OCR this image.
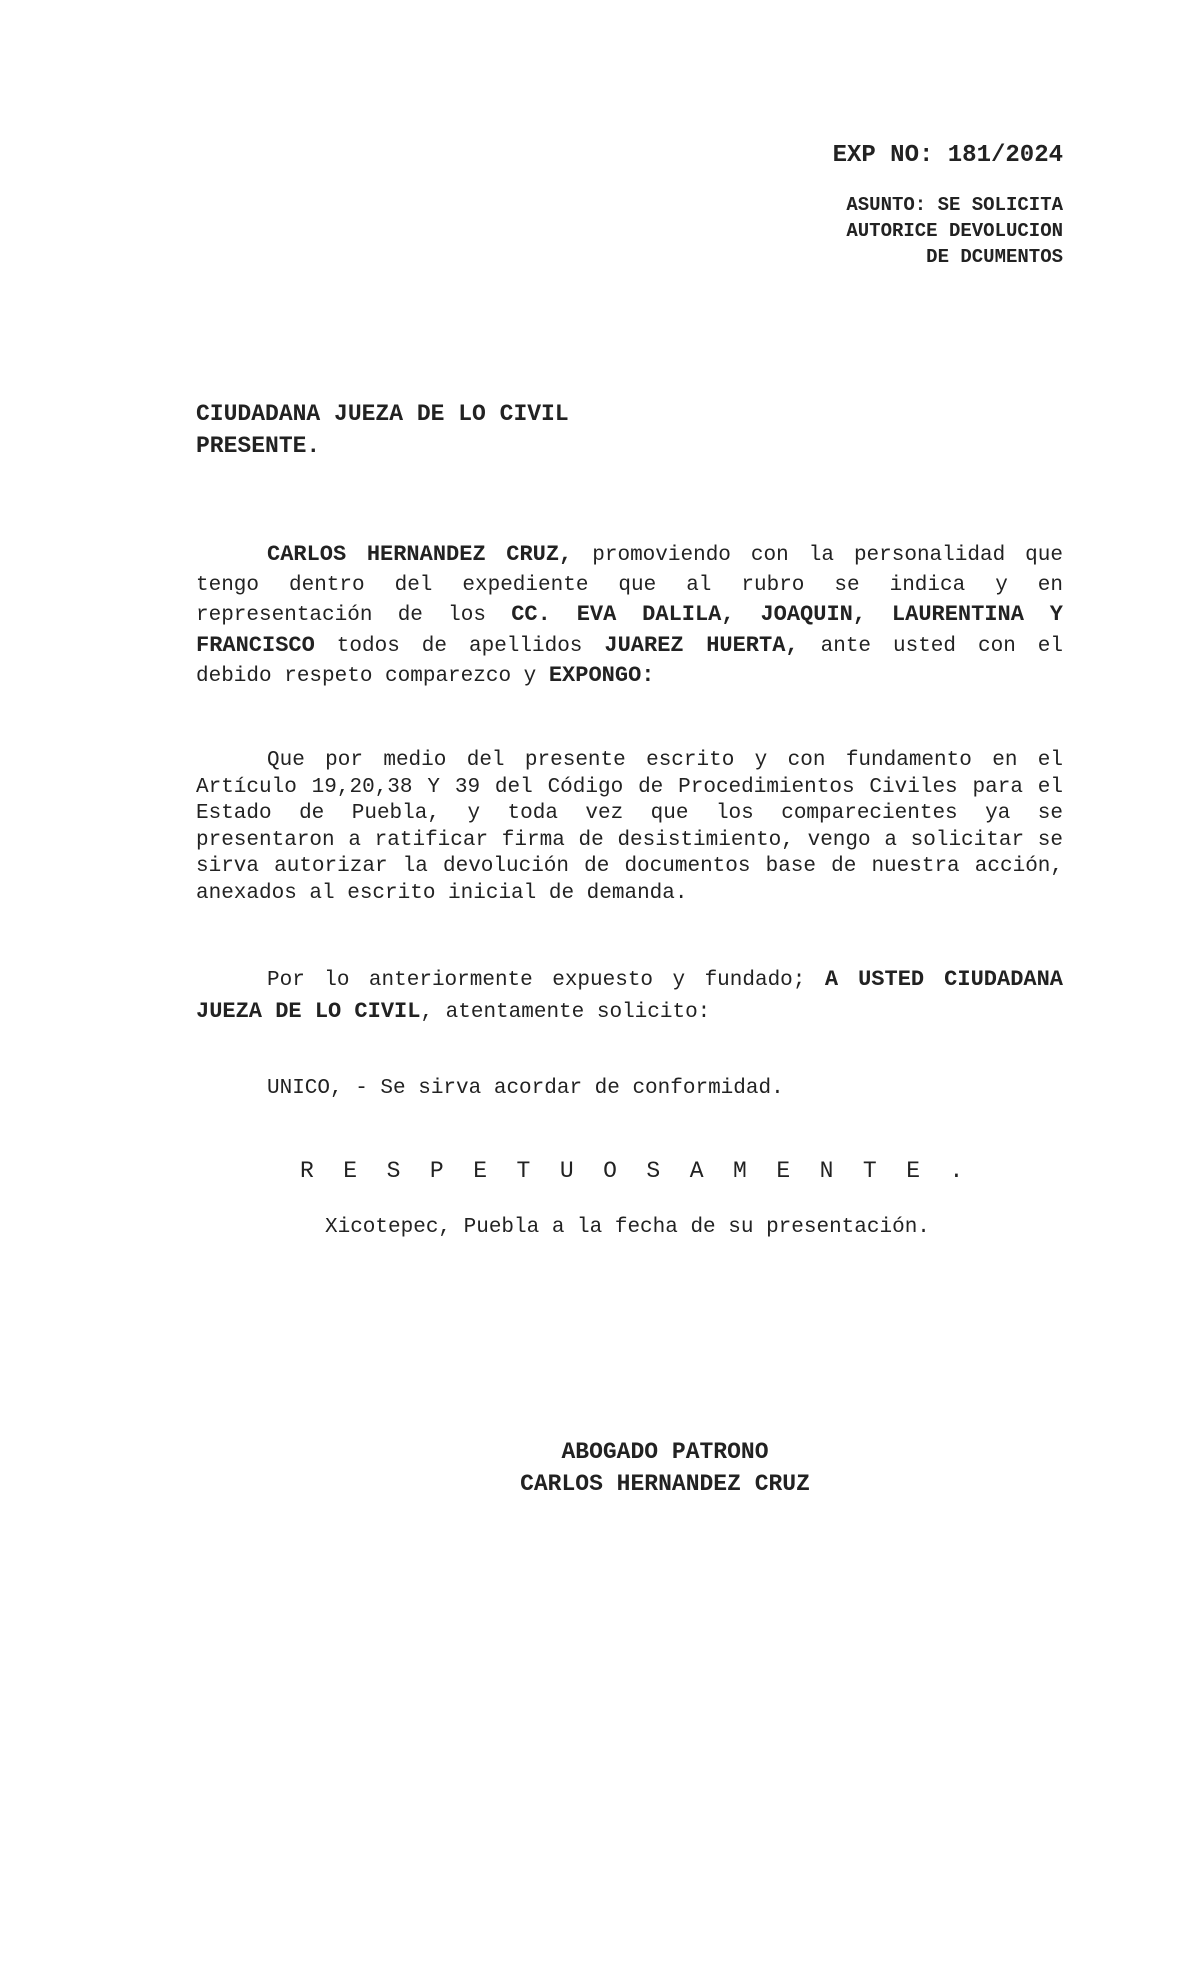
EXP NO: 181/2024
ASUNTO: SE SOLICITA
AUTORICE DEVOLUCION
DE DCUMENTOS
CIUDADANA JUEZA DE LO CIVIL
PRESENTE.

CARLOS HERNANDEZ CRUZ, promoviendo con la personalidad que tengo dentro del expediente que al rubro se indica y en representación de los CC. EVA DALILA, JOAQUIN, LAURENTINA Y FRANCISCO todos de apellidos JUAREZ HUERTA, ante usted con el debido respeto comparezco y EXPONGO:

Que por medio del presente escrito y con fundamento en el Artículo 19,20,38 Y 39 del Código de Procedimientos Civiles para el Estado de Puebla, y toda vez que los comparecientes ya se presentaron a ratificar firma de desistimiento, vengo a solicitar se sirva autorizar la devolución de documentos base de nuestra acción, anexados al escrito inicial de demanda.

Por lo anteriormente expuesto y fundado; A USTED CIUDADANA JUEZA DE LO CIVIL, atentamente solicito:

UNICO, - Se sirva acordar de conformidad.
RESPETUOSAMENTE.
Xicotepec, Puebla a la fecha de su presentación.
ABOGADO PATRONO
CARLOS HERNANDEZ CRUZ
